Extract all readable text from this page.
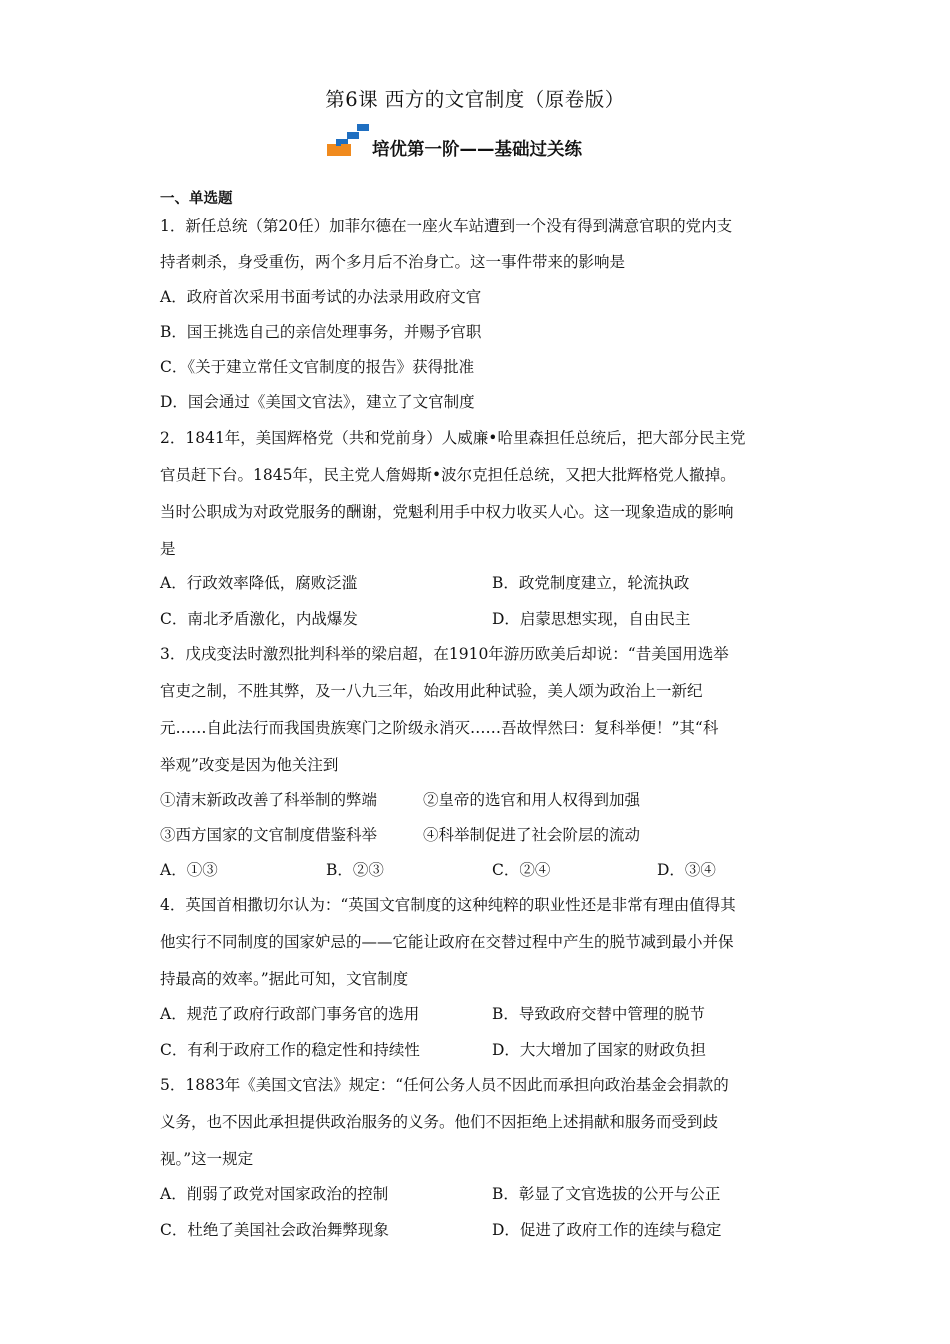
第6课 西方的文官制度（原卷版）
培优第一阶——基础过关练
一、单选题
1．新任总统（第20任）加菲尔德在一座火车站遭到一个没有得到满意官职的党内支
持者刺杀，身受重伤，两个多月后不治身亡。这一事件带来的影响是
A．政府首次采用书面考试的办法录用政府文官
B．国王挑选自己的亲信处理事务，并赐予官职
C．《关于建立常任文官制度的报告》获得批准
D．国会通过《美国文官法》，建立了文官制度
2．1841年，美国辉格党（共和党前身）人威廉•哈里森担任总统后，把大部分民主党
官员赶下台。1845年，民主党人詹姆斯•波尔克担任总统，又把大批辉格党人撤掉。
当时公职成为对政党服务的酬谢，党魁利用手中权力收买人心。这一现象造成的影响
是
A．行政效率降低，腐败泛滥	B．政党制度建立，轮流执政
C．南北矛盾激化，内战爆发	D．启蒙思想实现，自由民主
3．戊戌变法时激烈批判科举的梁启超，在1910年游历欧美后却说：“昔美国用选举
官吏之制，不胜其弊，及一八九三年，始改用此种试验，美人颂为政治上一新纪
元……自此法行而我国贵族寒门之阶级永消灭……吾故悍然曰：复科举便！”其“科
举观”改变是因为他关注到
①清末新政改善了科举制的弊端	②皇帝的选官和用人权得到加强
③西方国家的文官制度借鉴科举	④科举制促进了社会阶层的流动
A．①③	B．②③	C．②④	D．③④
4．英国首相撒切尔认为：“英国文官制度的这种纯粹的职业性还是非常有理由值得其
他实行不同制度的国家妒忌的——它能让政府在交替过程中产生的脱节减到最小并保
持最高的效率。”据此可知，文官制度
A．规范了政府行政部门事务官的选用	B．导致政府交替中管理的脱节
C．有利于政府工作的稳定性和持续性	D．大大增加了国家的财政负担
5．1883年《美国文官法》规定：“任何公务人员不因此而承担向政治基金会捐款的
义务，也不因此承担提供政治服务的义务。他们不因拒绝上述捐献和服务而受到歧
视。”这一规定
A．削弱了政党对国家政治的控制	B．彰显了文官选拔的公开与公正
C．杜绝了美国社会政治舞弊现象	D．促进了政府工作的连续与稳定
